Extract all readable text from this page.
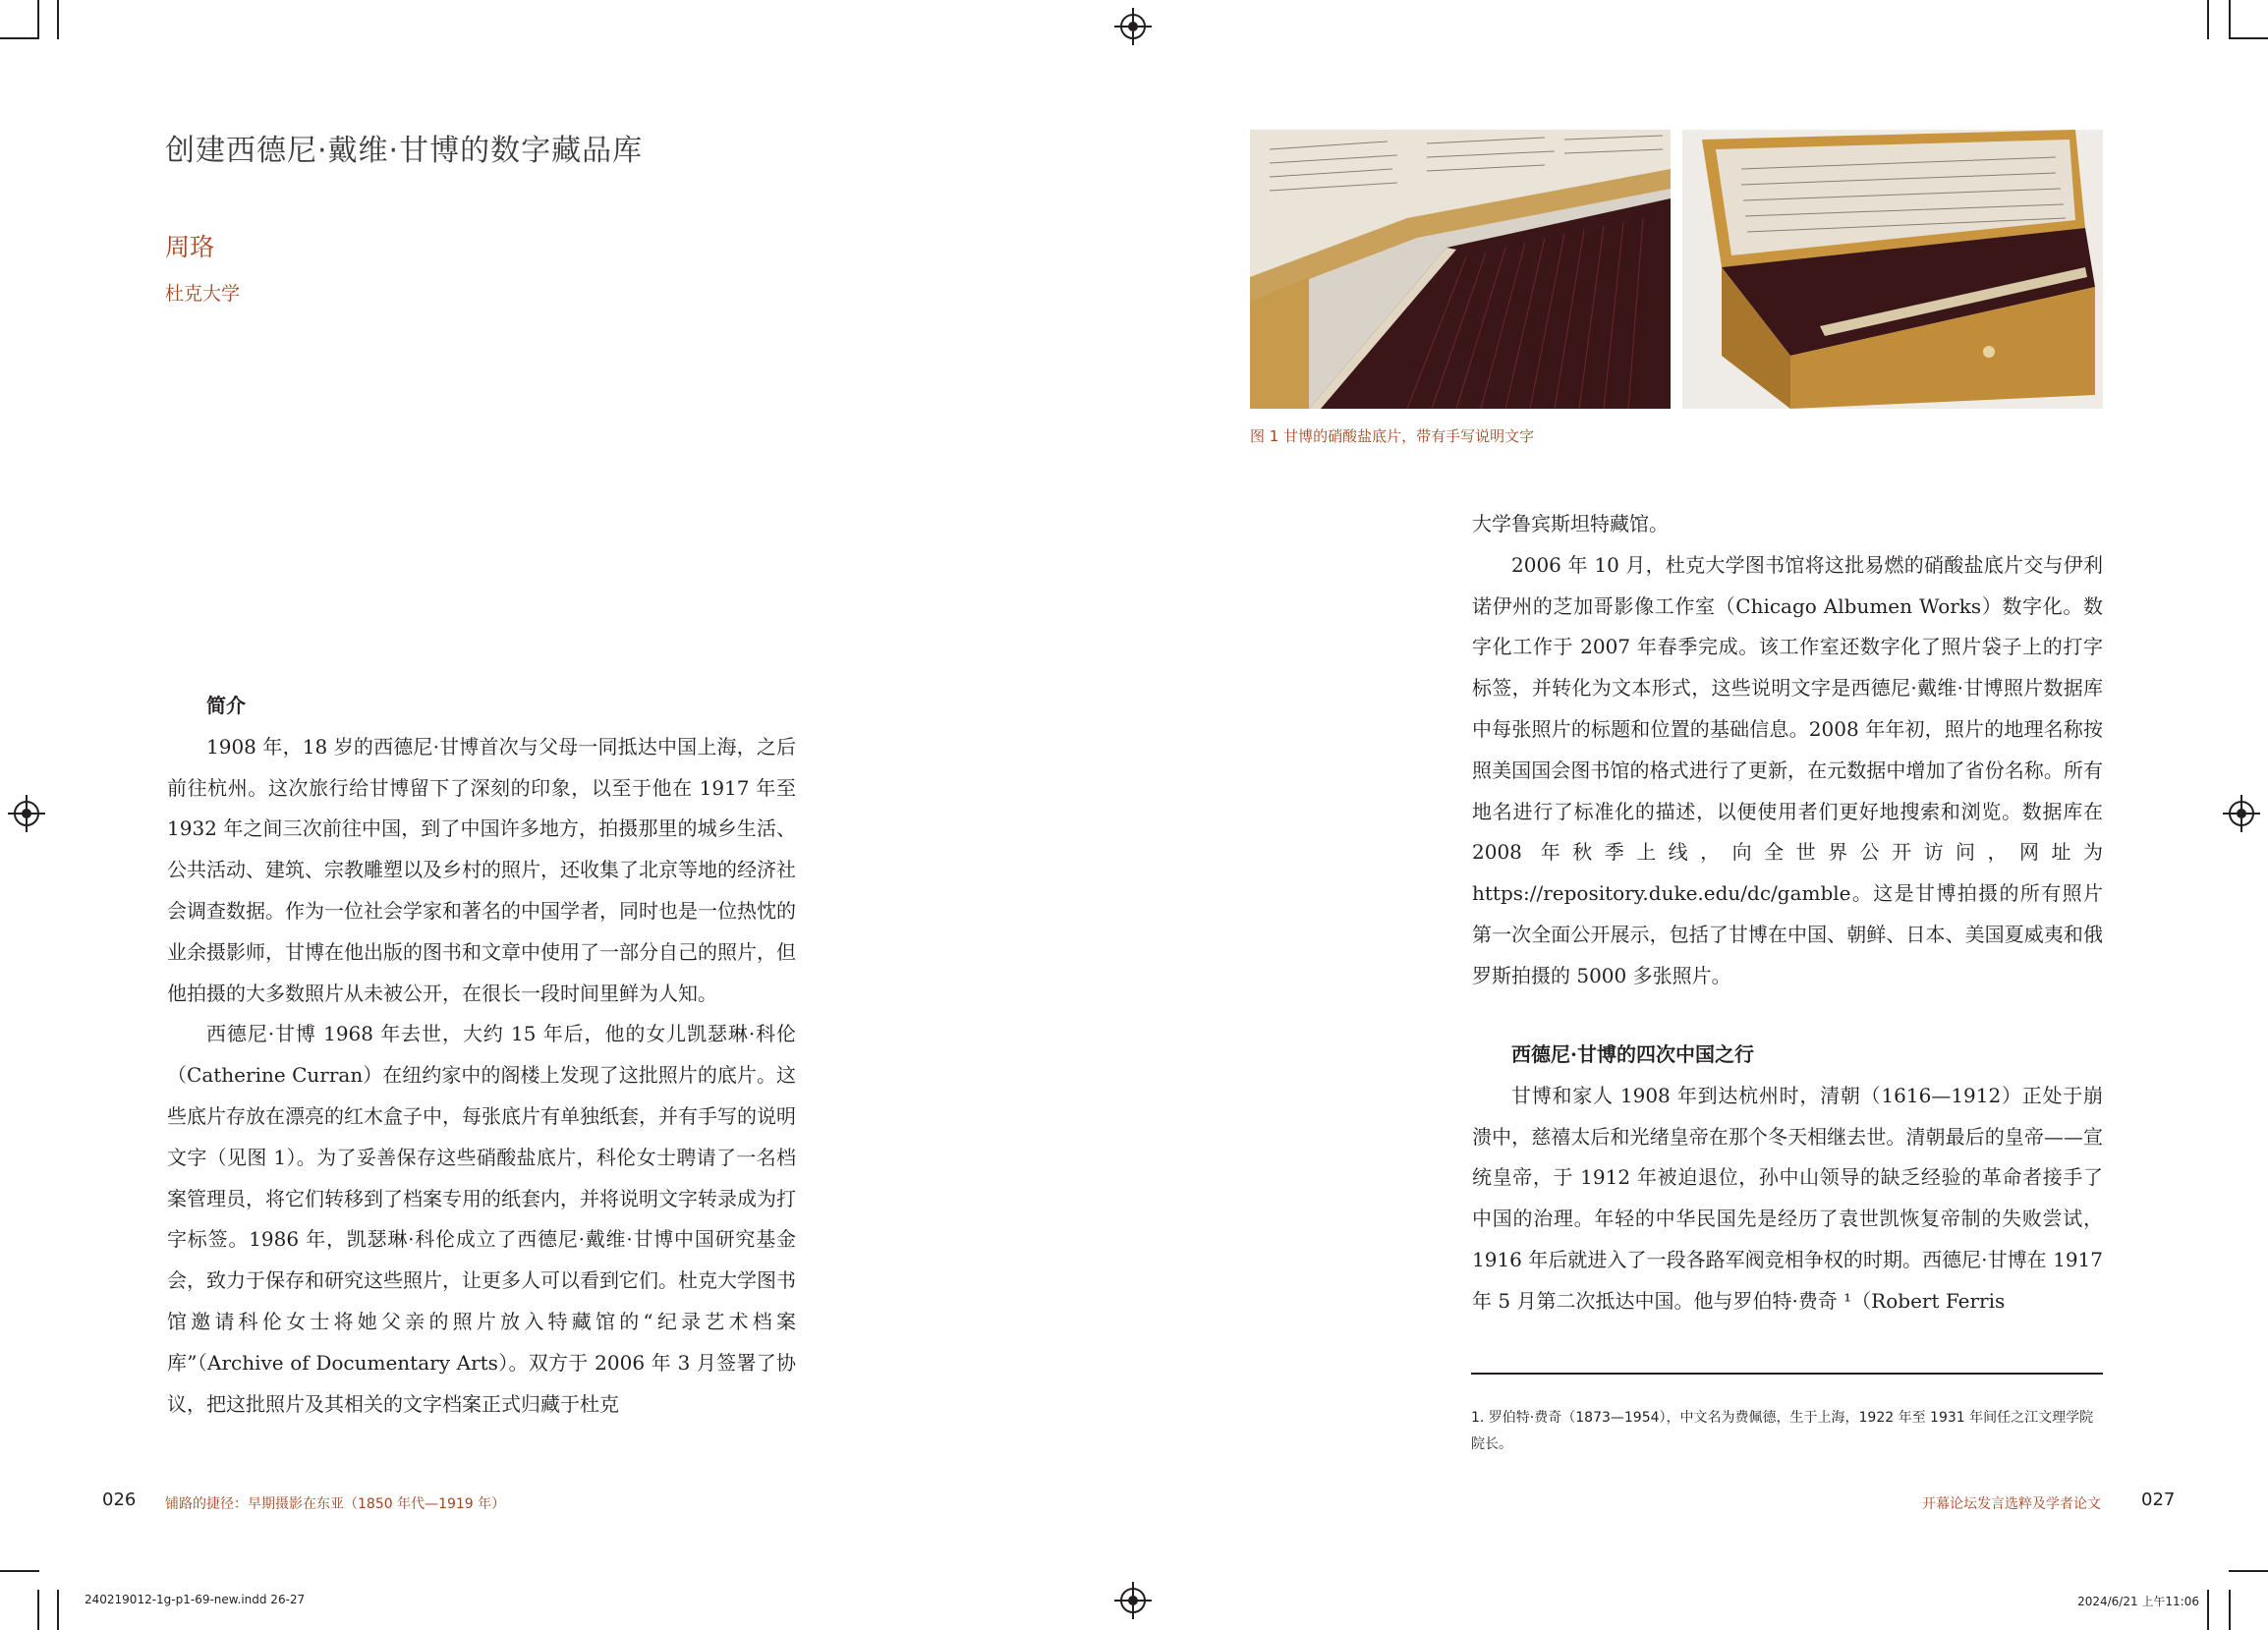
创建西德尼·戴维·甘博的数字藏品库
周珞
杜克大学
简介

1908 年，18 岁的西德尼·甘博首次与父母一同抵达中国上海，之后前往杭州。这次旅行给甘博留下了深刻的印象，以至于他在 1917 年至 1932 年之间三次前往中国，到了中国许多地方，拍摄那里的城乡生活、公共活动、建筑、宗教雕塑以及乡村的照片，还收集了北京等地的经济社会调查数据。作为一位社会学家和著名的中国学者，同时也是一位热忱的业余摄影师，甘博在他出版的图书和文章中使用了一部分自己的照片，但他拍摄的大多数照片从未被公开，在很长一段时间里鲜为人知。

西德尼·甘博 1968 年去世，大约 15 年后，他的女儿凯瑟琳·科伦（Catherine Curran）在纽约家中的阁楼上发现了这批照片的底片。这些底片存放在漂亮的红木盒子中，每张底片有单独纸套，并有手写的说明文字（见图 1）。为了妥善保存这些硝酸盐底片，科伦女士聘请了一名档案管理员，将它们转移到了档案专用的纸套内，并将说明文字转录成为打字标签。1986 年，凯瑟琳·科伦成立了西德尼·戴维·甘博中国研究基金会，致力于保存和研究这些照片，让更多人可以看到它们。杜克大学图书馆邀请科伦女士将她父亲的照片放入特藏馆的“纪录艺术档案库”（Archive of Documentary Arts）。双方于 2006 年 3 月签署了协议，把这批照片及其相关的文字档案正式归藏于杜克

图 1 甘博的硝酸盐底片，带有手写说明文字

大学鲁宾斯坦特藏馆。

2006 年 10 月，杜克大学图书馆将这批易燃的硝酸盐底片交与伊利诺伊州的芝加哥影像工作室（Chicago Albumen Works）数字化。数字化工作于 2007 年春季完成。该工作室还数字化了照片袋子上的打字标签，并转化为文本形式，这些说明文字是西德尼·戴维·甘博照片数据库中每张照片的标题和位置的基础信息。2008 年年初，照片的地理名称按照美国国会图书馆的格式进行了更新，在元数据中增加了省份名称。所有地名进行了标准化的描述，以便使用者们更好地搜索和浏览。数据库在 2008 年秋季上线，向全世界公开访问，网址为 https://repository.duke.edu/dc/gamble。这是甘博拍摄的所有照片第一次全面公开展示，包括了甘博在中国、朝鲜、日本、美国夏威夷和俄罗斯拍摄的 5000 多张照片。

西德尼·甘博的四次中国之行

甘博和家人 1908 年到达杭州时，清朝（1616—1912）正处于崩溃中，慈禧太后和光绪皇帝在那个冬天相继去世。清朝最后的皇帝——宣统皇帝，于 1912 年被迫退位，孙中山领导的缺乏经验的革命者接手了中国的治理。年轻的中华民国先是经历了袁世凯恢复帝制的失败尝试，1916 年后就进入了一段各路军阀竞相争权的时期。西德尼·甘博在 1917 年 5 月第二次抵达中国。他与罗伯特·费奇 ¹（Robert Ferris

1. 罗伯特·费奇（1873—1954），中文名为费佩德，生于上海，1922 年至 1931 年间任之江文理学院院长。
026 铺路的捷径：早期摄影在东亚（1850 年代—1919 年）	开幕论坛发言选粹及学者论文 027
240219012-1g-p1-69-new.indd 26-27	2024/6/21 上午11:06
